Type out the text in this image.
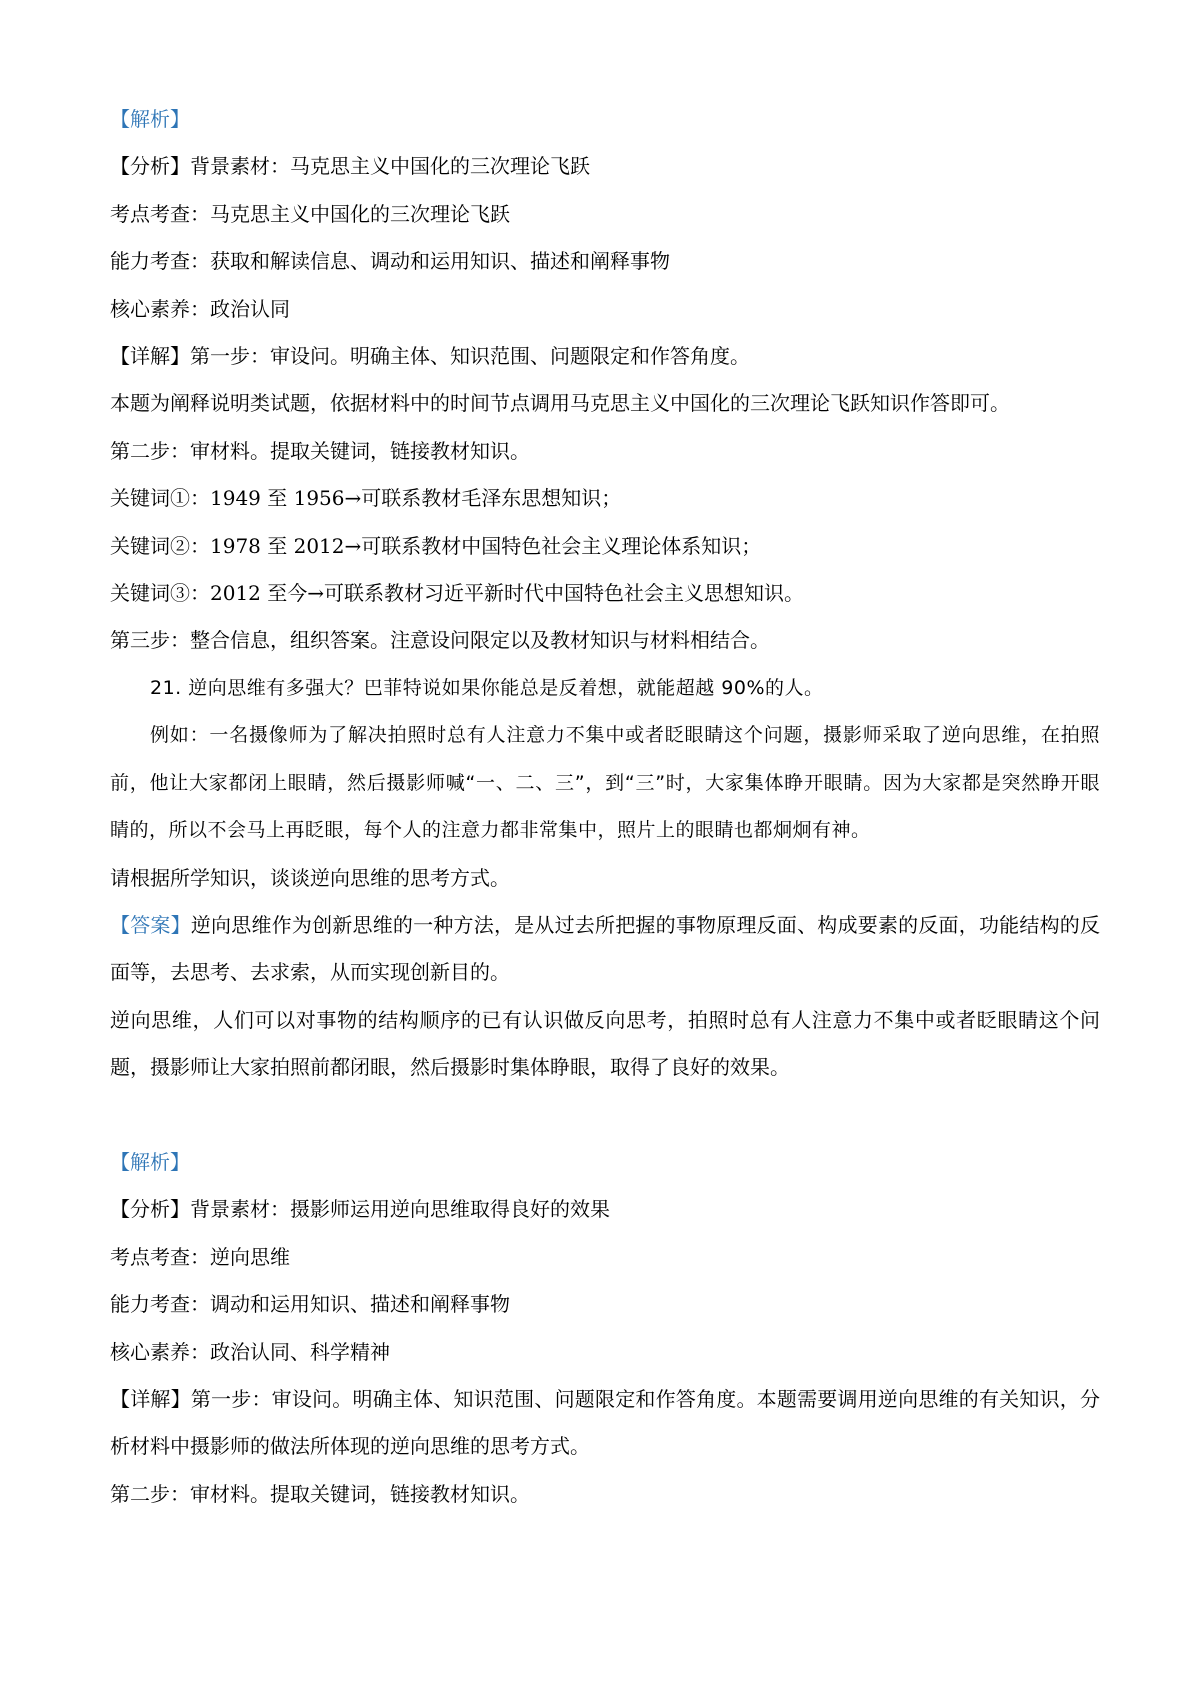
【解析】

【分析】背景素材：马克思主义中国化的三次理论飞跃

考点考查：马克思主义中国化的三次理论飞跃

能力考查：获取和解读信息、调动和运用知识、描述和阐释事物

核心素养：政治认同

【详解】第一步：审设问。明确主体、知识范围、问题限定和作答角度。

本题为阐释说明类试题，依据材料中的时间节点调用马克思主义中国化的三次理论飞跃知识作答即可。

第二步：审材料。提取关键词，链接教材知识。

关键词①：1949 至 1956→可联系教材毛泽东思想知识；

关键词②：1978 至 2012→可联系教材中国特色社会主义理论体系知识；

关键词③：2012 至今→可联系教材习近平新时代中国特色社会主义思想知识。

第三步：整合信息，组织答案。注意设问限定以及教材知识与材料相结合。

21. 逆向思维有多强大？巴菲特说如果你能总是反着想，就能超越 90%的人。

例如：一名摄像师为了解决拍照时总有人注意力不集中或者眨眼睛这个问题，摄影师采取了逆向思维，在拍照前，他让大家都闭上眼睛，然后摄影师喊“一、二、三”，到“三”时，大家集体睁开眼睛。因为大家都是突然睁开眼睛的，所以不会马上再眨眼，每个人的注意力都非常集中，照片上的眼睛也都炯炯有神。

请根据所学知识，谈谈逆向思维的思考方式。

【答案】逆向思维作为创新思维的一种方法，是从过去所把握的事物原理反面、构成要素的反面，功能结构的反面等，去思考、去求索，从而实现创新目的。

逆向思维，人们可以对事物的结构顺序的已有认识做反向思考，拍照时总有人注意力不集中或者眨眼睛这个问题，摄影师让大家拍照前都闭眼，然后摄影时集体睁眼，取得了良好的效果。

【解析】

【分析】背景素材：摄影师运用逆向思维取得良好的效果

考点考查：逆向思维

能力考查：调动和运用知识、描述和阐释事物

核心素养：政治认同、科学精神

【详解】第一步：审设问。明确主体、知识范围、问题限定和作答角度。本题需要调用逆向思维的有关知识，分析材料中摄影师的做法所体现的逆向思维的思考方式。

第二步：审材料。提取关键词，链接教材知识。
